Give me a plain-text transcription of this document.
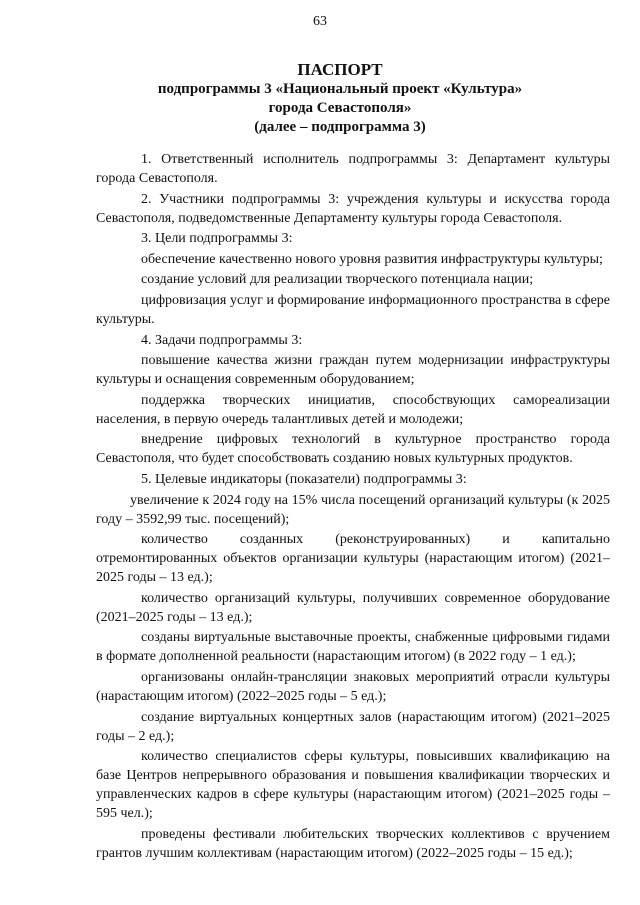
63
ПАСПОРТ
подпрограммы 3 «Национальный проект «Культура»
города Севастополя»
(далее – подпрограмма 3)

1. Ответственный исполнитель подпрограммы 3: Департамент культуры города Севастополя.

2. Участники подпрограммы 3: учреждения культуры и искусства города Севастополя, подведомственные Департаменту культуры города Севастополя.

3. Цели подпрограммы 3:

обеспечение качественно нового уровня развития инфраструктуры культуры;

создание условий для реализации творческого потенциала нации;

цифровизация услуг и формирование информационного пространства в сфере культуры.

4. Задачи подпрограммы 3:

повышение качества жизни граждан путем модернизации инфраструктуры культуры и оснащения современным оборудованием;

поддержка творческих инициатив, способствующих самореализации населения, в первую очередь талантливых детей и молодежи;

внедрение цифровых технологий в культурное пространство города Севастополя, что будет способствовать созданию новых культурных продуктов.

5. Целевые индикаторы (показатели) подпрограммы 3:

увеличение к 2024 году на 15% числа посещений организаций культуры (к 2025 году – 3592,99 тыс. посещений);

количество созданных (реконструированных) и капитально отремонтированных объектов организации культуры (нарастающим итогом) (2021–2025 годы – 13 ед.);

количество организаций культуры, получивших современное оборудование (2021–2025 годы – 13 ед.);

созданы виртуальные выставочные проекты, снабженные цифровыми гидами в формате дополненной реальности (нарастающим итогом) (в 2022 году – 1 ед.);

организованы онлайн-трансляции знаковых мероприятий отрасли культуры (нарастающим итогом) (2022–2025 годы – 5 ед.);

создание виртуальных концертных залов (нарастающим итогом) (2021–2025 годы – 2 ед.);

количество специалистов сферы культуры, повысивших квалификацию на базе Центров непрерывного образования и повышения квалификации творческих и управленческих кадров в сфере культуры (нарастающим итогом) (2021–2025 годы – 595 чел.);

проведены фестивали любительских творческих коллективов с вручением грантов лучшим коллективам (нарастающим итогом) (2022–2025 годы – 15 ед.);
